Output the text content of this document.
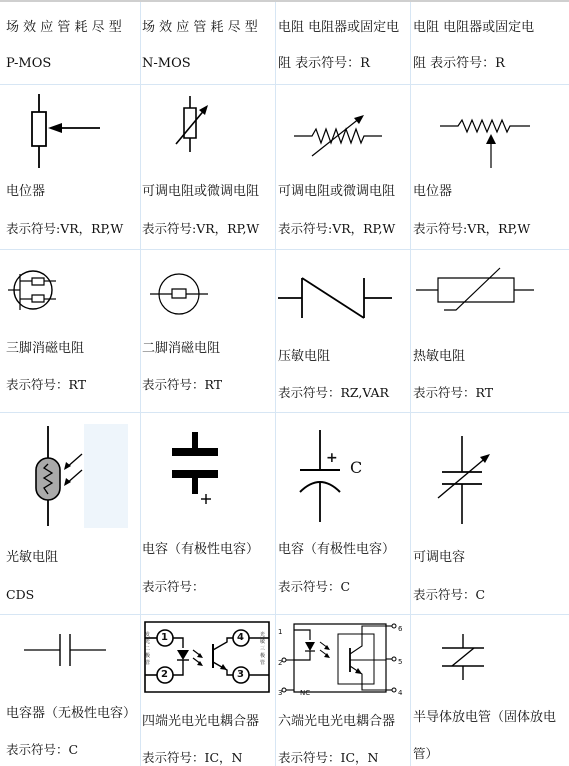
场 效 应 管 耗 尽 型
P-MOS
场 效 应 管 耗 尽 型
N-MOS
电阻 电阻器或固定电
阻 表示符号：R
电阻 电阻器或固定电
阻 表示符号：R
电位器
表示符号:VR，RP,W
可调电阻或微调电阻
表示符号:VR，RP,W
可调电阻或微调电阻
表示符号:VR，RP,W
电位器
表示符号:VR，RP,W
三脚消磁电阻
表示符号：RT
二脚消磁电阻
表示符号：RT
压敏电阻
表示符号：RZ,VAR
热敏电阻
表示符号：RT
光敏电阻
CDS
电容（有极性电容）
表示符号：
+ C
电容（有极性电容）
表示符号：C
可调电容
表示符号：C
电容器（无极性电容）
表示符号：C
1
2	3
4
发光二极管
光敏三极管
四端光电光电耦合器
表示符号：IC，N
1
2
3	4
5
6
NC
六端光电光电耦合器
表示符号：IC，N
半导体放电管（固体放电
管）
